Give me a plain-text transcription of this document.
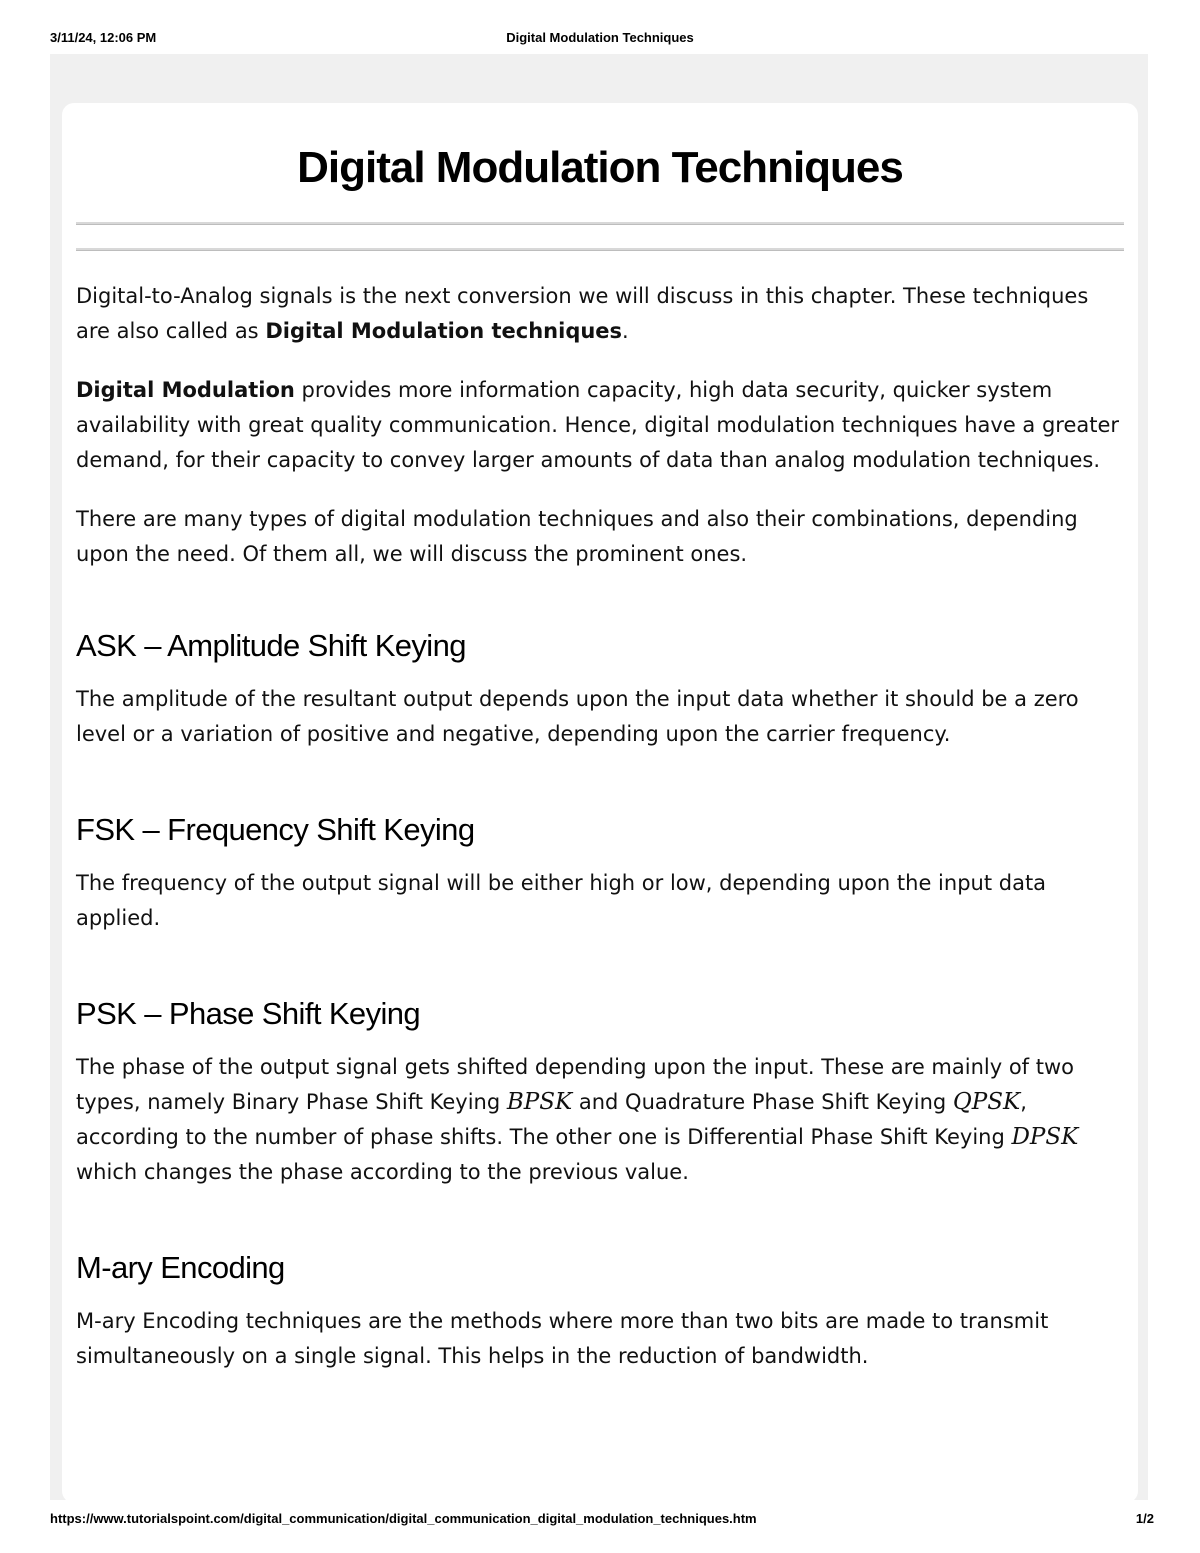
3/11/24, 12:06 PM	Digital Modulation Techniques
Digital Modulation Techniques

Digital-to-Analog signals is the next conversion we will discuss in this chapter. These techniques are also called as Digital Modulation techniques.

Digital Modulation provides more information capacity, high data security, quicker system availability with great quality communication. Hence, digital modulation techniques have a greater demand, for their capacity to convey larger amounts of data than analog modulation techniques.

There are many types of digital modulation techniques and also their combinations, depending upon the need. Of them all, we will discuss the prominent ones.

ASK – Amplitude Shift Keying

The amplitude of the resultant output depends upon the input data whether it should be a zero level or a variation of positive and negative, depending upon the carrier frequency.

FSK – Frequency Shift Keying

The frequency of the output signal will be either high or low, depending upon the input data applied.

PSK – Phase Shift Keying

The phase of the output signal gets shifted depending upon the input. These are mainly of two types, namely Binary Phase Shift Keying BPSK and Quadrature Phase Shift Keying QPSK, according to the number of phase shifts. The other one is Differential Phase Shift Keying DPSK which changes the phase according to the previous value.

M-ary Encoding

M-ary Encoding techniques are the methods where more than two bits are made to transmit simultaneously on a single signal. This helps in the reduction of bandwidth.

https://www.tutorialspoint.com/digital_communication/digital_communication_digital_modulation_techniques.htm	1/2
